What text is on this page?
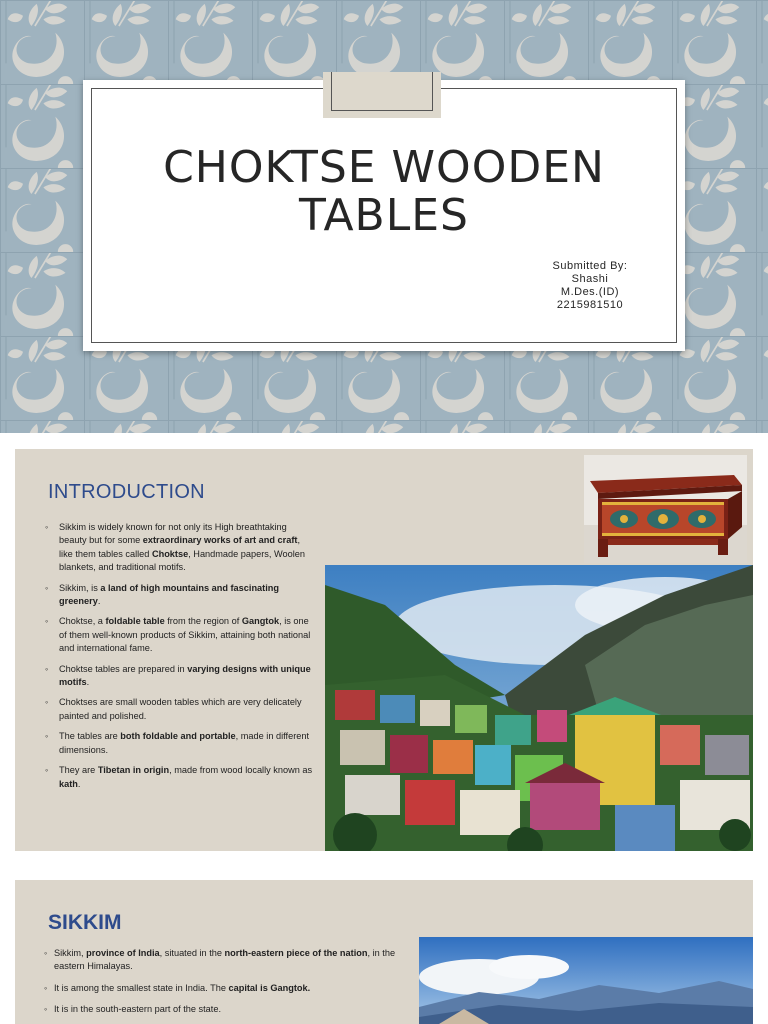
CHOKTSE WOODEN
TABLES
Submitted By:
Shashi
M.Des.(ID)
2215981510
INTRODUCTION
◦ Sikkim is widely known for not only its High breathtaking beauty but for some extraordinary works of art and craft, like them tables called Choktse, Handmade papers, Woolen blankets, and traditional motifs.
◦ Sikkim, is a land of high mountains and fascinating greenery.
◦ Choktse, a foldable table from the region of Gangtok, is one of them well-known products of Sikkim, attaining both national and international fame.
◦ Choktse tables are prepared in varying designs with unique motifs.
◦ Choktses are small wooden tables which are very delicately painted and polished.
◦ The tables are both foldable and portable, made in different dimensions.
◦ They are Tibetan in origin, made from wood locally known as kath.
SIKKIM
◦ Sikkim, province of India, situated in the north-eastern piece of the nation, in the eastern Himalayas.
◦ It is among the smallest state in India. The capital is Gangtok.
◦ It is in the south-eastern part of the state.
